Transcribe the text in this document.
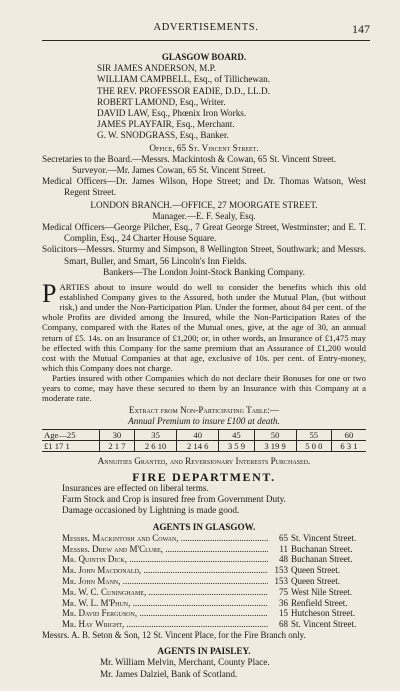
ADVERTISEMENTS.	147
GLASGOW BOARD.
SIR JAMES ANDERSON, M.P.
WILLIAM CAMPBELL, Esq., of Tillichewan.
THE REV. PROFESSOR EADIE, D.D., LL.D.
ROBERT LAMOND, Esq., Writer.
DAVID LAW, Esq., Phœnix Iron Works.
JAMES PLAYFAIR, Esq., Merchant.
G. W. SNODGRASS, Esq., Banker.
Office, 65 St. Vincent Street.
Secretaries to the Board.—Messrs. Mackintosh & Cowan, 65 St. Vincent Street.
Surveyor.—Mr. James Cowan, 65 St. Vincent Street.
Medical Officers—Dr. James Wilson, Hope Street; and Dr. Thomas Watson, West Regent Street.
LONDON BRANCH.—OFFICE, 27 MOORGATE STREET.
Manager.—E. F. Sealy, Esq.
Medical Officers—George Pilcher, Esq., 7 Great George Street, Westminster; and E. T. Complin, Esq., 24 Charter House Square.
Solicitors—Messrs. Sturmy and Simpson, 8 Wellington Street, Southwark; and Messrs. Smart, Buller, and Smart, 56 Lincoln's Inn Fields.
Bankers—The London Joint-Stock Banking Company.
PARTIES about to insure would do well to consider the benefits which this old established Company gives to the Assured, both under the Mutual Plan, (but without risk,) and under the Non-Participation Plan. Under the former, about 84 per cent. of the whole Profits are divided among the Insured, while the Non-Participation Rates of the Company, compared with the Rates of the Mutual ones, give, at the age of 30, an annual return of £5. 14s. on an Insurance of £1,200; or, in other words, an Insurance of £1,475 may be effected with this Company for the same premium that an Assurance of £1,200 would cost with the Mutual Companies at that age, exclusive of 10s. per cent. of Entry-money, which this Company does not charge.
Parties insured with other Companies which do not declare their Bonuses for one or two years to come, may have these secured to them by an Insurance with this Company at a moderate rate.
Extract from Non-Participating Table:—
Annual Premium to insure £100 at death.
Age—25	30	35	40	45	50	55	60
£1 17 1	2 1 7	2 6 10	2 14 6	3 5 9	3 19 9	5 0 0	6 3 1
Annuities Granted, and Reversionary Interests Purchased.
FIRE DEPARTMENT.
Insurances are effected on liberal terms.
Farm Stock and Crop is insured free from Government Duty.
Damage occasioned by Lightning is made good.
AGENTS IN GLASGOW.
Messrs. Mackintosh and Cowan, .....	65 St. Vincent Street.
Messrs. Drew and M'Clure, .....	11 Buchanan Street.
Mr. Quintin Dick, .....	48 Buchanan Street.
Mr. John Macdonald, .....	153 Queen Street.
Mr. John Mann, .....	153 Queen Street.
Mr. W. C. Cuninghame, .....	75 West Nile Street.
Mr. W. L. M'Phun, .....	36 Renfield Street.
Mr. David Ferguson, .....	15 Hutcheson Street.
Mr. Hay Wright, .....	68 St. Vincent Street.
Messrs. A. B. Seton & Son, 12 St. Vincent Place, for the Fire Branch only.
AGENTS IN PAISLEY.
Mr. William Melvin, Merchant, County Place.
Mr. James Dalziel, Bank of Scotland.
